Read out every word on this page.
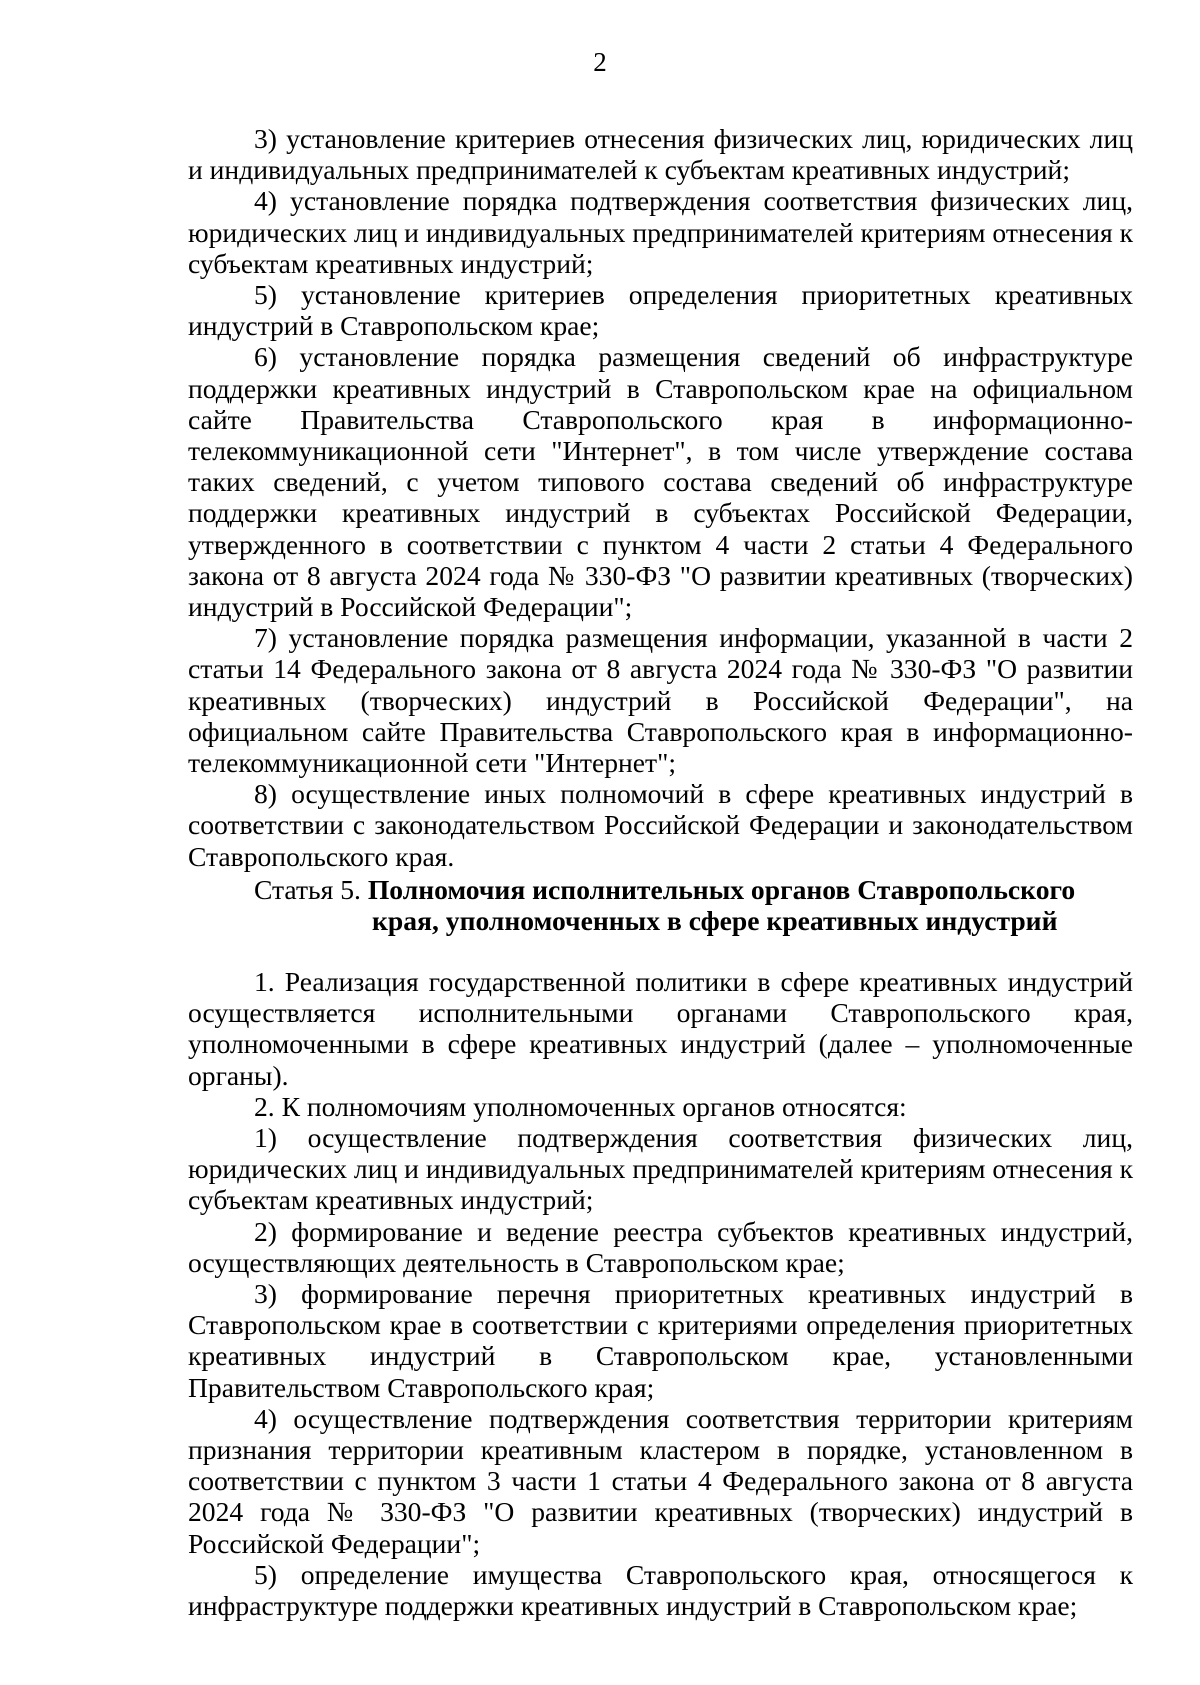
2

3) установление критериев отнесения физических лиц, юридических лиц и индивидуальных предпринимателей к субъектам креативных индустрий;

4) установление порядка подтверждения соответствия физических лиц, юридических лиц и индивидуальных предпринимателей критериям отнесения к субъектам креативных индустрий;

5) установление критериев определения приоритетных креативных индустрий в Ставропольском крае;

6) установление порядка размещения сведений об инфраструктуре поддержки креативных индустрий в Ставропольском крае на официальном сайте Правительства Ставропольского края в информационно-телекоммуникационной сети "Интернет", в том числе утверждение состава таких сведений, с учетом типового состава сведений об инфраструктуре поддержки креативных индустрий в субъектах Российской Федерации, утвержденного в соответствии с пунктом 4 части 2 статьи 4 Федерального закона от 8 августа 2024 года № 330-ФЗ "О развитии креативных (творческих) индустрий в Российской Федерации";

7) установление порядка размещения информации, указанной в части 2 статьи 14 Федерального закона от 8 августа 2024 года № 330-ФЗ "О развитии креативных (творческих) индустрий в Российской Федерации", на официальном сайте Правительства Ставропольского края в информационно-телекоммуникационной сети "Интернет";

8) осуществление иных полномочий в сфере креативных индустрий в соответствии с законодательством Российской Федерации и законодательством Ставропольского края.

Статья 5. Полномочия исполнительных органов Ставропольского
края, уполномоченных в сфере креативных индустрий

1. Реализация государственной политики в сфере креативных индустрий осуществляется исполнительными органами Ставропольского края, уполномоченными в сфере креативных индустрий (далее – уполномоченные органы).

2. К полномочиям уполномоченных органов относятся:

1) осуществление подтверждения соответствия физических лиц, юридических лиц и индивидуальных предпринимателей критериям отнесения к субъектам креативных индустрий;

2) формирование и ведение реестра субъектов креативных индустрий, осуществляющих деятельность в Ставропольском крае;

3) формирование перечня приоритетных креативных индустрий в Ставропольском крае в соответствии с критериями определения приоритетных креативных индустрий в Ставропольском крае, установленными Правительством Ставропольского края;

4) осуществление подтверждения соответствия территории критериям признания территории креативным кластером в порядке, установленном в соответствии с пунктом 3 части 1 статьи 4 Федерального закона от 8 августа 2024 года № 330-ФЗ "О развитии креативных (творческих) индустрий в Российской Федерации";

5) определение имущества Ставропольского края, относящегося к инфраструктуре поддержки креативных индустрий в Ставропольском крае;
